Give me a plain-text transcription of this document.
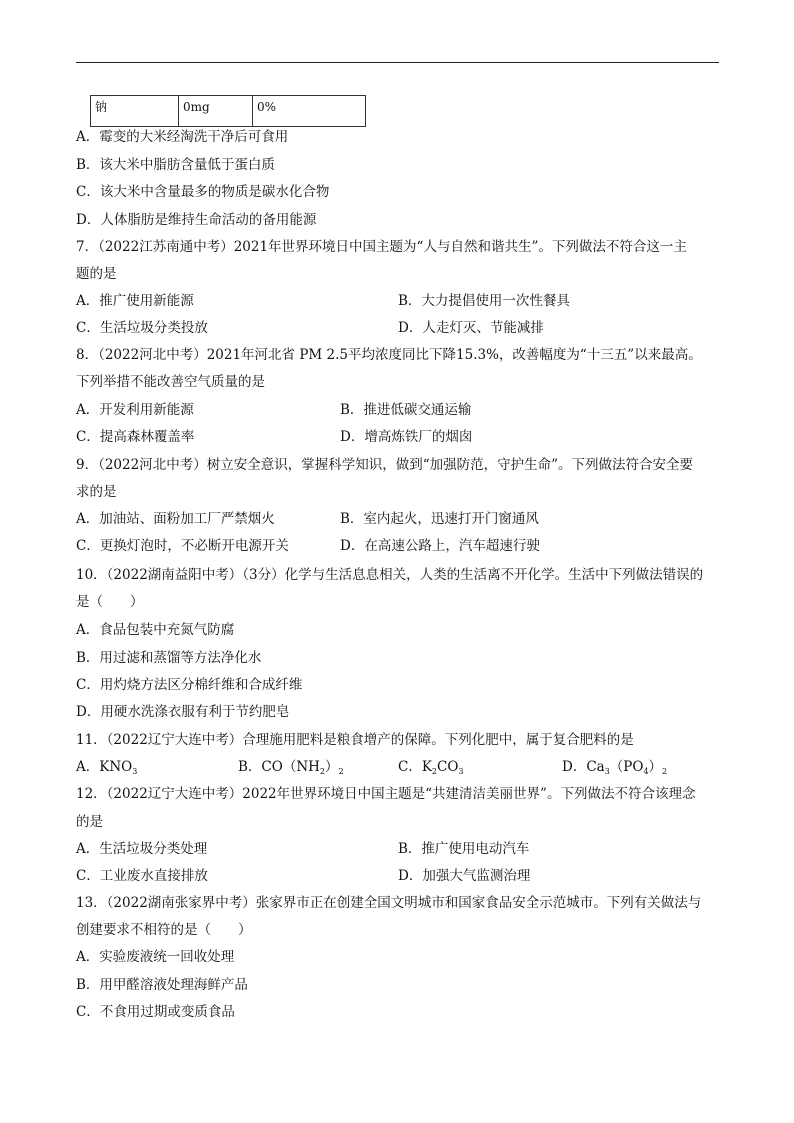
钠	0mg	0%
A．霉变的大米经淘洗干净后可食用
B．该大米中脂肪含量低于蛋白质
C．该大米中含量最多的物质是碳水化合物
D．人体脂肪是维持生命活动的备用能源
7．（2022江苏南通中考）2021年世界环境日中国主题为“人与自然和谐共生”。下列做法不符合这一主
题的是
A．推广使用新能源	B．大力提倡使用一次性餐具
C．生活垃圾分类投放	D．人走灯灭、节能减排
8．（2022河北中考）2021年河北省 PM 2.5平均浓度同比下降15.3%，改善幅度为“十三五”以来最高。
下列举措不能改善空气质量的是
A．开发利用新能源	B．推进低碳交通运输
C．提高森林覆盖率	D．增高炼铁厂的烟囱
9．（2022河北中考）树立安全意识，掌握科学知识，做到“加强防范，守护生命”。下列做法符合安全要
求的是
A．加油站、面粉加工厂严禁烟火	B．室内起火，迅速打开门窗通风
C．更换灯泡时，不必断开电源开关	D．在高速公路上，汽车超速行驶
10．（2022湖南益阳中考）（3分）化学与生活息息相关，人类的生活离不开化学。生活中下列做法错误的
是（　　）
A．食品包装中充氮气防腐
B．用过滤和蒸馏等方法净化水
C．用灼烧方法区分棉纤维和合成纤维
D．用硬水洗涤衣服有利于节约肥皂
11．（2022辽宁大连中考）合理施用肥料是粮食增产的保障。下列化肥中，属于复合肥料的是
A．$KNO_3$	B．$CO(NH_2)_2$	C．$K_2CO_3$	D．$Ca_3(PO_4)_2$
12．（2022辽宁大连中考）2022年世界环境日中国主题是“共建清洁美丽世界”。下列做法不符合该理念
的是
A．生活垃圾分类处理	B．推广使用电动汽车
C．工业废水直接排放	D．加强大气监测治理
13．（2022湖南张家界中考）张家界市正在创建全国文明城市和国家食品安全示范城市。下列有关做法与
创建要求不相符的是（　　）
A．实验废液统一回收处理
B．用甲醛溶液处理海鲜产品
C．不食用过期或变质食品
